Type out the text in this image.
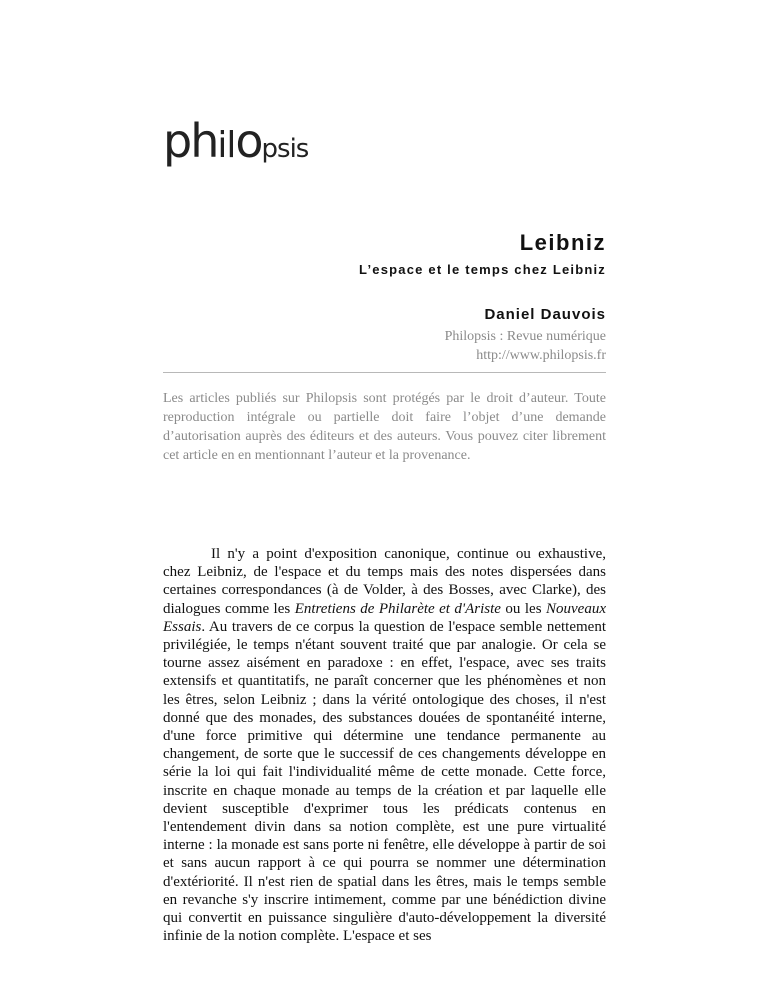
philopsis
Leibniz
L’espace et le temps chez Leibniz
Daniel Dauvois
Philopsis : Revue numérique
http://www.philopsis.fr

Les articles publiés sur Philopsis sont protégés par le droit d’auteur. Toute reproduction intégrale ou partielle doit faire l’objet d’une demande d’autorisation auprès des éditeurs et des auteurs. Vous pouvez citer librement cet article en en mentionnant l’auteur et la provenance.

Il n'y a point d'exposition canonique, continue ou exhaustive, chez Leibniz, de l'espace et du temps mais des notes dispersées dans certaines correspondances (à de Volder, à des Bosses, avec Clarke), des dialogues comme les Entretiens de Philarète et d'Ariste ou les Nouveaux Essais. Au travers de ce corpus la question de l'espace semble nettement privilégiée, le temps n'étant souvent traité que par analogie. Or cela se tourne assez aisément en paradoxe : en effet, l'espace, avec ses traits extensifs et quantitatifs, ne paraît concerner que les phénomènes et non les êtres, selon Leibniz ; dans la vérité ontologique des choses, il n'est donné que des monades, des substances douées de spontanéité interne, d'une force primitive qui détermine une tendance permanente au changement, de sorte que le successif de ces changements développe en série la loi qui fait l'individualité même de cette monade. Cette force, inscrite en chaque monade au temps de la création et par laquelle elle devient susceptible d'exprimer tous les prédicats contenus en l'entendement divin dans sa notion complète, est une pure virtualité interne : la monade est sans porte ni fenêtre, elle développe à partir de soi et sans aucun rapport à ce qui pourra se nommer une détermination d'extériorité. Il n'est rien de spatial dans les êtres, mais le temps semble en revanche s'y inscrire intimement, comme par une bénédiction divine qui convertit en puissance singulière d'auto-développement la diversité infinie de la notion complète. L'espace et ses
